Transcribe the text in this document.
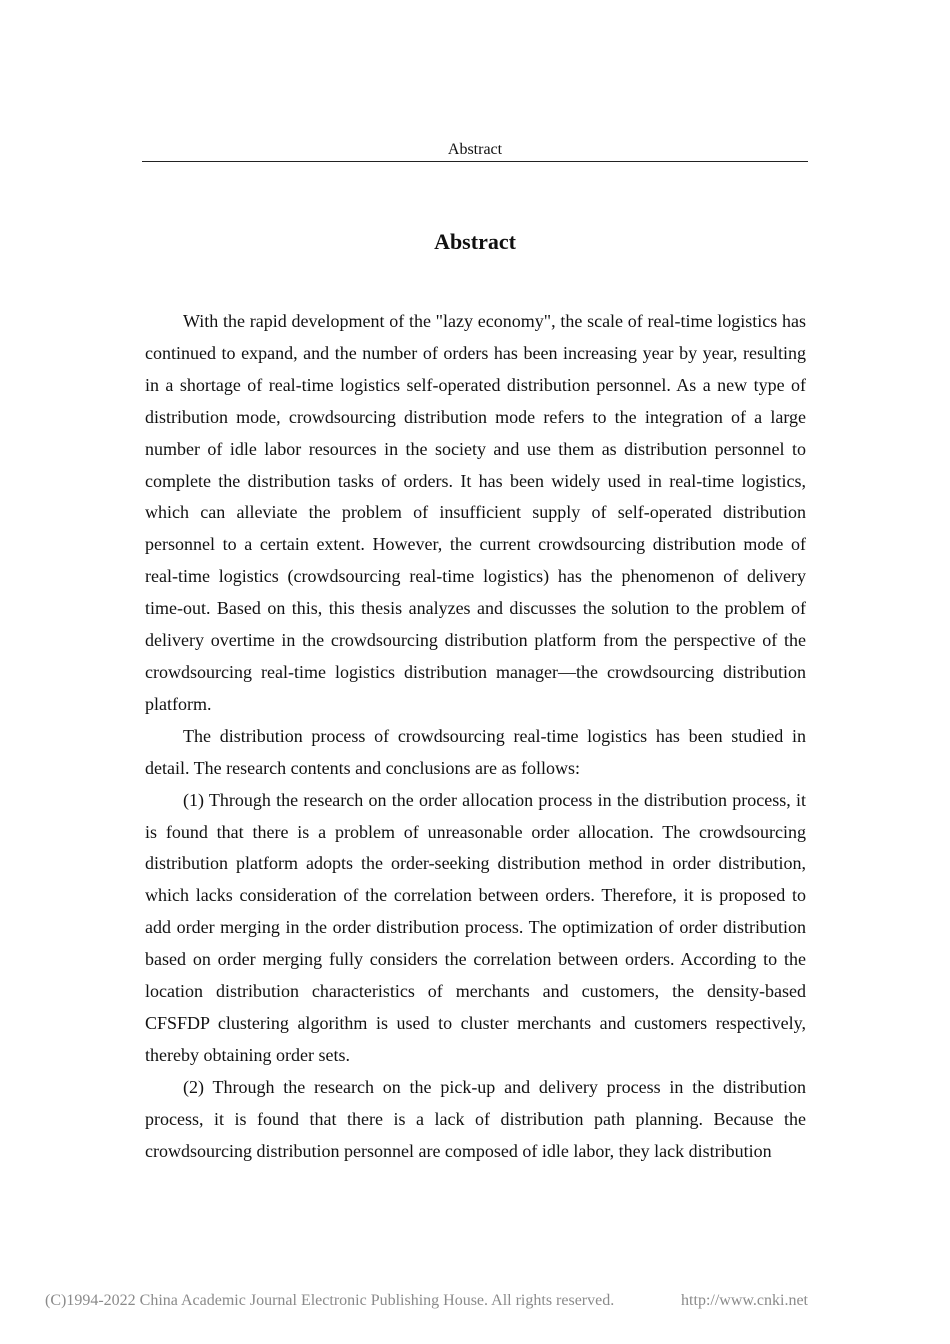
Abstract
Abstract

With the rapid development of the "lazy economy", the scale of real-time logistics has continued to expand, and the number of orders has been increasing year by year, resulting in a shortage of real-time logistics self-operated distribution personnel. As a new type of distribution mode, crowdsourcing distribution mode refers to the integration of a large number of idle labor resources in the society and use them as distribution personnel to complete the distribution tasks of orders. It has been widely used in real-time logistics, which can alleviate the problem of insufficient supply of self-operated distribution personnel to a certain extent. However, the current crowdsourcing distribution mode of real-time logistics (crowdsourcing real-time logistics) has the phenomenon of delivery time-out. Based on this, this thesis analyzes and discusses the solution to the problem of delivery overtime in the crowdsourcing distribution platform from the perspective of the crowdsourcing real-time logistics distribution manager—the crowdsourcing distribution platform.

The distribution process of crowdsourcing real-time logistics has been studied in detail. The research contents and conclusions are as follows:

(1) Through the research on the order allocation process in the distribution process, it is found that there is a problem of unreasonable order allocation. The crowdsourcing distribution platform adopts the order-seeking distribution method in order distribution, which lacks consideration of the correlation between orders. Therefore, it is proposed to add order merging in the order distribution process. The optimization of order distribution based on order merging fully considers the correlation between orders. According to the location distribution characteristics of merchants and customers, the density-based CFSFDP clustering algorithm is used to cluster merchants and customers respectively, thereby obtaining order sets.

(2) Through the research on the pick-up and delivery process in the distribution process, it is found that there is a lack of distribution path planning. Because the crowdsourcing distribution personnel are composed of idle labor, they lack distribution

(C)1994-2022 China Academic Journal Electronic Publishing House. All rights reserved.	http://www.cnki.net
